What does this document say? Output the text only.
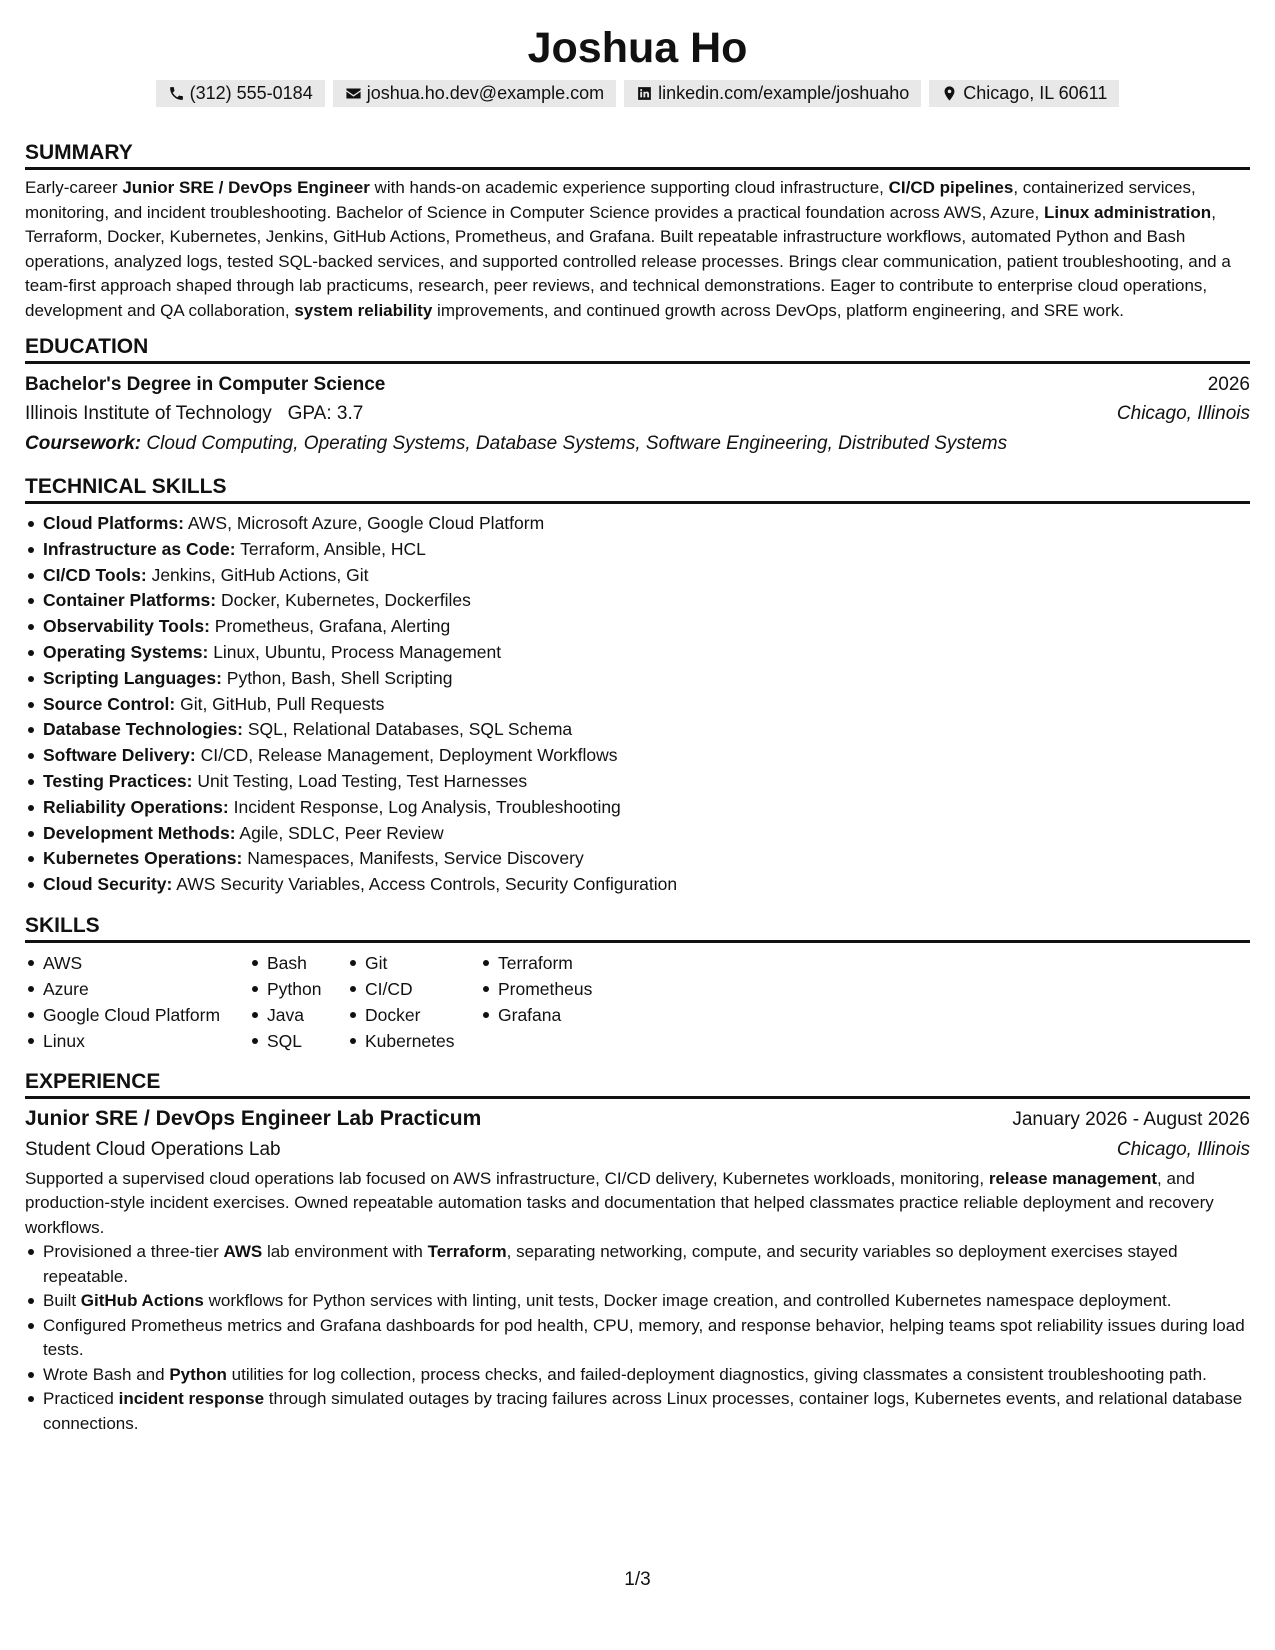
Joshua Ho
(312) 555-0184	joshua.ho.dev@example.com	linkedin.com/example/joshuaho	Chicago, IL 60611
SUMMARY

Early-career Junior SRE / DevOps Engineer with hands-on academic experience supporting cloud infrastructure, CI/CD pipelines, containerized services, monitoring, and incident troubleshooting. Bachelor of Science in Computer Science provides a practical foundation across AWS, Azure, Linux administration, Terraform, Docker, Kubernetes, Jenkins, GitHub Actions, Prometheus, and Grafana. Built repeatable infrastructure workflows, automated Python and Bash operations, analyzed logs, tested SQL-backed services, and supported controlled release processes. Brings clear communication, patient troubleshooting, and a team-first approach shaped through lab practicums, research, peer reviews, and technical demonstrations. Eager to contribute to enterprise cloud operations, development and QA collaboration, system reliability improvements, and continued growth across DevOps, platform engineering, and SRE work.

EDUCATION
Bachelor's Degree in Computer Science	2026
Illinois Institute of Technology GPA: 3.7	Chicago, Illinois
Coursework: Cloud Computing, Operating Systems, Database Systems, Software Engineering, Distributed Systems
TECHNICAL SKILLS
Cloud Platforms: AWS, Microsoft Azure, Google Cloud Platform
Infrastructure as Code: Terraform, Ansible, HCL
CI/CD Tools: Jenkins, GitHub Actions, Git
Container Platforms: Docker, Kubernetes, Dockerfiles
Observability Tools: Prometheus, Grafana, Alerting
Operating Systems: Linux, Ubuntu, Process Management
Scripting Languages: Python, Bash, Shell Scripting
Source Control: Git, GitHub, Pull Requests
Database Technologies: SQL, Relational Databases, SQL Schema
Software Delivery: CI/CD, Release Management, Deployment Workflows
Testing Practices: Unit Testing, Load Testing, Test Harnesses
Reliability Operations: Incident Response, Log Analysis, Troubleshooting
Development Methods: Agile, SDLC, Peer Review
Kubernetes Operations: Namespaces, Manifests, Service Discovery
Cloud Security: AWS Security Variables, Access Controls, Security Configuration
SKILLS
AWS
Azure
Google Cloud Platform
Linux
Bash
Python
Java
SQL
Git
CI/CD
Docker
Kubernetes
Terraform
Prometheus
Grafana
EXPERIENCE
Junior SRE / DevOps Engineer Lab Practicum	January 2026 - August 2026
Student Cloud Operations Lab	Chicago, Illinois

Supported a supervised cloud operations lab focused on AWS infrastructure, CI/CD delivery, Kubernetes workloads, monitoring, release management, and production-style incident exercises. Owned repeatable automation tasks and documentation that helped classmates practice reliable deployment and recovery workflows.

Provisioned a three-tier AWS lab environment with Terraform, separating networking, compute, and security variables so deployment exercises stayed repeatable.
Built GitHub Actions workflows for Python services with linting, unit tests, Docker image creation, and controlled Kubernetes namespace deployment.
Configured Prometheus metrics and Grafana dashboards for pod health, CPU, memory, and response behavior, helping teams spot reliability issues during load tests.
Wrote Bash and Python utilities for log collection, process checks, and failed-deployment diagnostics, giving classmates a consistent troubleshooting path.
Practiced incident response through simulated outages by tracing failures across Linux processes, container logs, Kubernetes events, and relational database connections.
1/3
